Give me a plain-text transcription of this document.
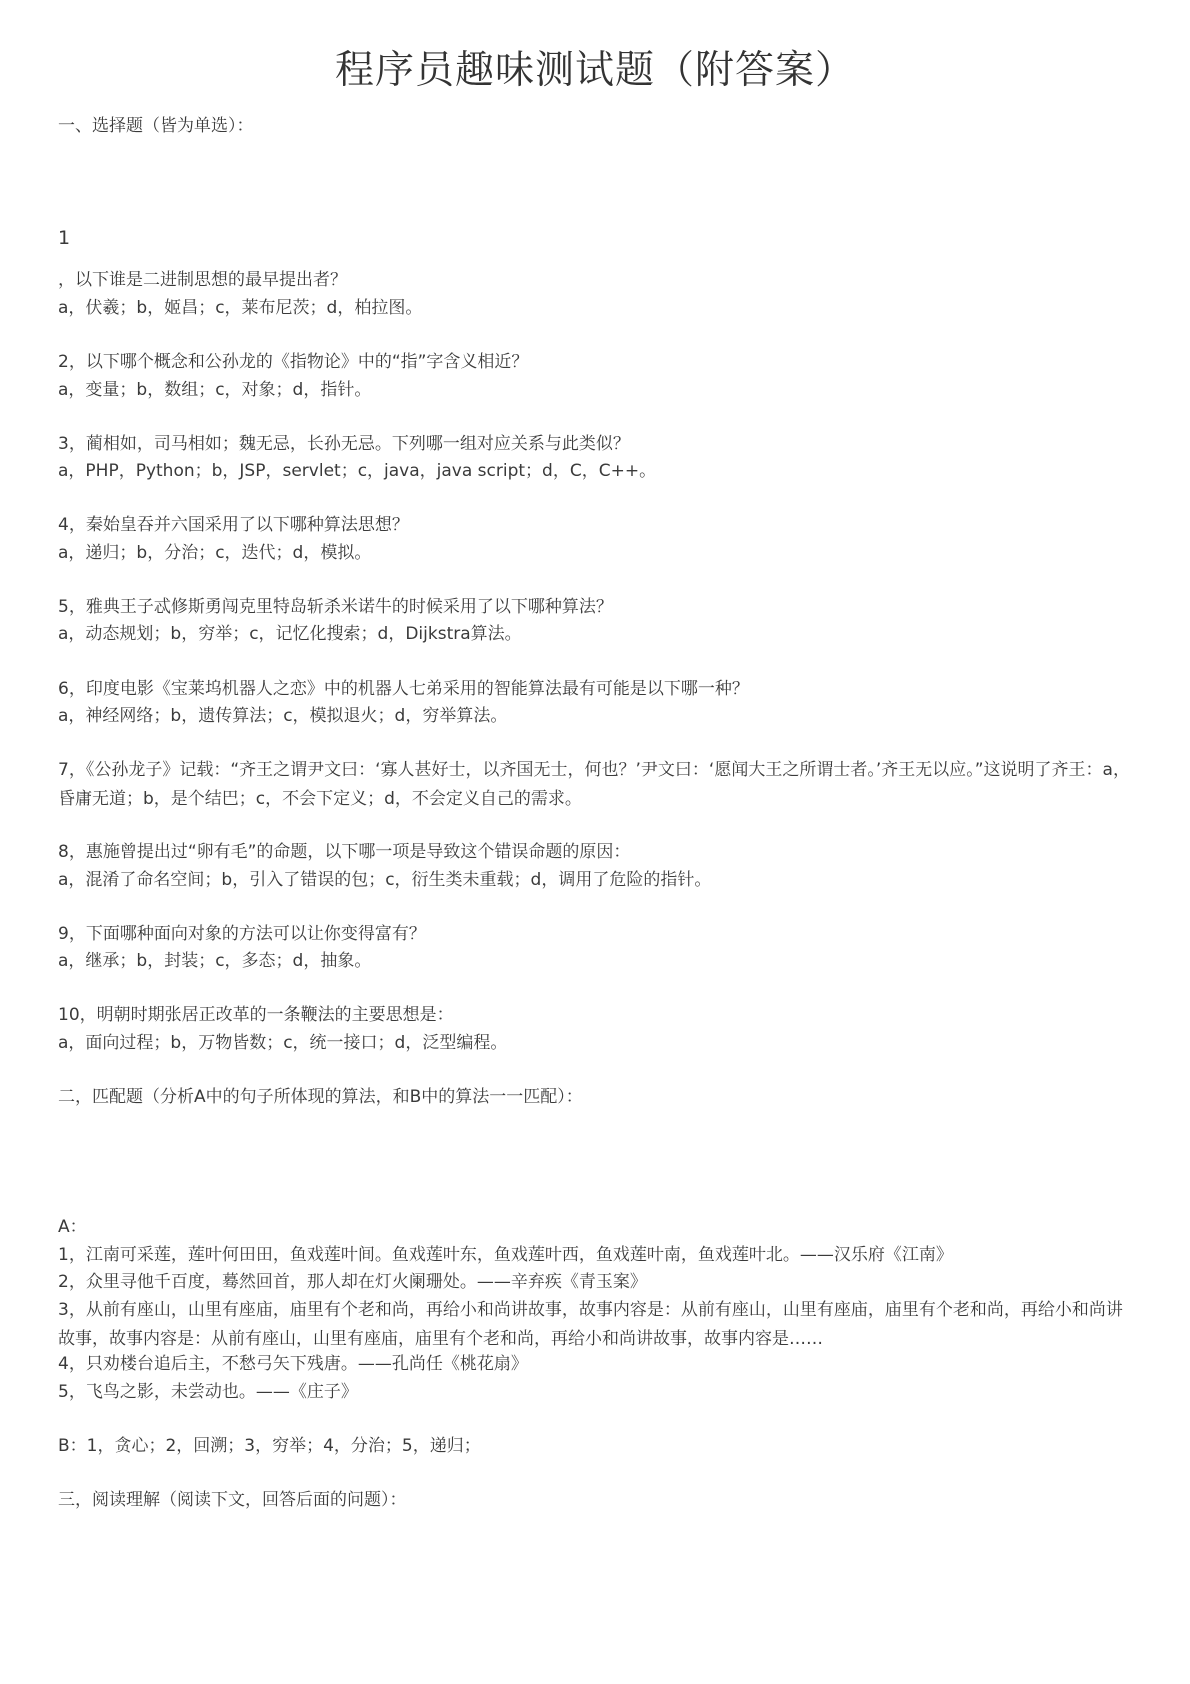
程序员趣味测试题（附答案）
一、选择题（皆为单选）：
1
，以下谁是二进制思想的最早提出者？
a，伏羲；b，姬昌；c，莱布尼茨；d，柏拉图。
2，以下哪个概念和公孙龙的《指物论》中的“指”字含义相近？
a，变量；b，数组；c，对象；d，指针。
3，蔺相如，司马相如；魏无忌，长孙无忌。下列哪一组对应关系与此类似？
a，PHP，Python；b，JSP，servlet；c，java，java script；d，C，C++。
4，秦始皇吞并六国采用了以下哪种算法思想？
a，递归；b，分治；c，迭代；d，模拟。
5，雅典王子忒修斯勇闯克里特岛斩杀米诺牛的时候采用了以下哪种算法？
a，动态规划；b，穷举；c，记忆化搜索；d，Dijkstra算法。
6，印度电影《宝莱坞机器人之恋》中的机器人七弟采用的智能算法最有可能是以下哪一种？
a，神经网络；b，遗传算法；c，模拟退火；d，穷举算法。
7，《公孙龙子》记载：“齐王之谓尹文曰：‘寡人甚好士，以齐国无士，何也？’尹文曰：‘愿闻大王之所谓士者。’齐王无以应。”这说明了齐王：a，昏庸无道；b，是个结巴；c，不会下定义；d，不会定义自己的需求。
8，惠施曾提出过“卵有毛”的命题，以下哪一项是导致这个错误命题的原因：
a，混淆了命名空间；b，引入了错误的包；c，衍生类未重载；d，调用了危险的指针。
9，下面哪种面向对象的方法可以让你变得富有？
a，继承；b，封装；c，多态；d，抽象。
10，明朝时期张居正改革的一条鞭法的主要思想是：
a，面向过程；b，万物皆数；c，统一接口；d，泛型编程。
二，匹配题（分析A中的句子所体现的算法，和B中的算法一一匹配）：
A：
1，江南可采莲，莲叶何田田，鱼戏莲叶间。鱼戏莲叶东，鱼戏莲叶西，鱼戏莲叶南，鱼戏莲叶北。——汉乐府《江南》
2，众里寻他千百度，蓦然回首，那人却在灯火阑珊处。——辛弃疾《青玉案》
3，从前有座山，山里有座庙，庙里有个老和尚，再给小和尚讲故事，故事内容是：从前有座山，山里有座庙，庙里有个老和尚，再给小和尚讲故事，故事内容是：从前有座山，山里有座庙，庙里有个老和尚，再给小和尚讲故事，故事内容是……
4，只劝楼台追后主，不愁弓矢下残唐。——孔尚任《桃花扇》
5，飞鸟之影，未尝动也。——《庄子》
B：1，贪心；2，回溯；3，穷举；4，分治；5，递归；
三，阅读理解（阅读下文，回答后面的问题）：
